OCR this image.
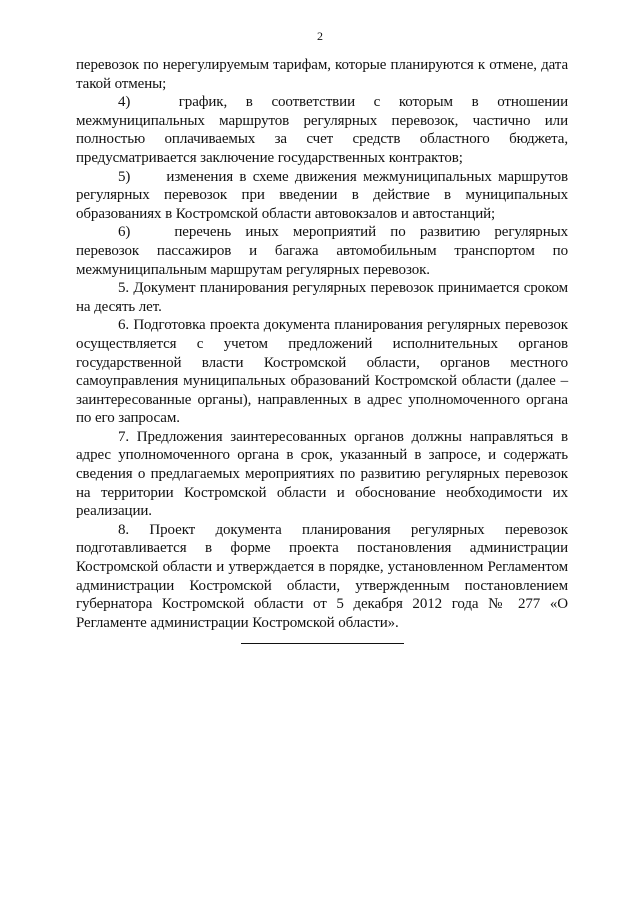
2

перевозок по нерегулируемым тарифам, которые планируются к отмене, дата такой отмены;

4)   график, в соответствии с которым в отношении межмуниципальных маршрутов регулярных перевозок, частично или полностью оплачиваемых за счет средств областного бюджета, предусматривается заключение государственных контрактов;

5)   изменения в схеме движения межмуниципальных маршрутов регулярных перевозок при введении в действие в муниципальных образованиях в Костромской области автовокзалов и автостанций;

6)   перечень иных мероприятий по развитию регулярных перевозок пассажиров и багажа автомобильным транспортом по межмуниципальным маршрутам регулярных перевозок.

5. Документ планирования регулярных перевозок принимается сроком на десять лет.

6. Подготовка проекта документа планирования регулярных перевозок осуществляется с учетом предложений исполнительных органов государственной власти Костромской области, органов местного самоуправления муниципальных образований Костромской области (далее – заинтересованные органы), направленных в адрес уполномоченного органа по его запросам.

7. Предложения заинтересованных органов должны направляться в адрес уполномоченного органа в срок, указанный в запросе, и содержать сведения о предлагаемых мероприятиях по развитию регулярных перевозок на территории Костромской области и обоснование необходимости их реализации.

8. Проект документа планирования регулярных перевозок подготавливается в форме проекта постановления администрации Костромской области и утверждается в порядке, установленном Регламентом администрации Костромской области, утвержденным постановлением губернатора Костромской области от 5 декабря 2012 года № 277 «О Регламенте администрации Костромской области».
